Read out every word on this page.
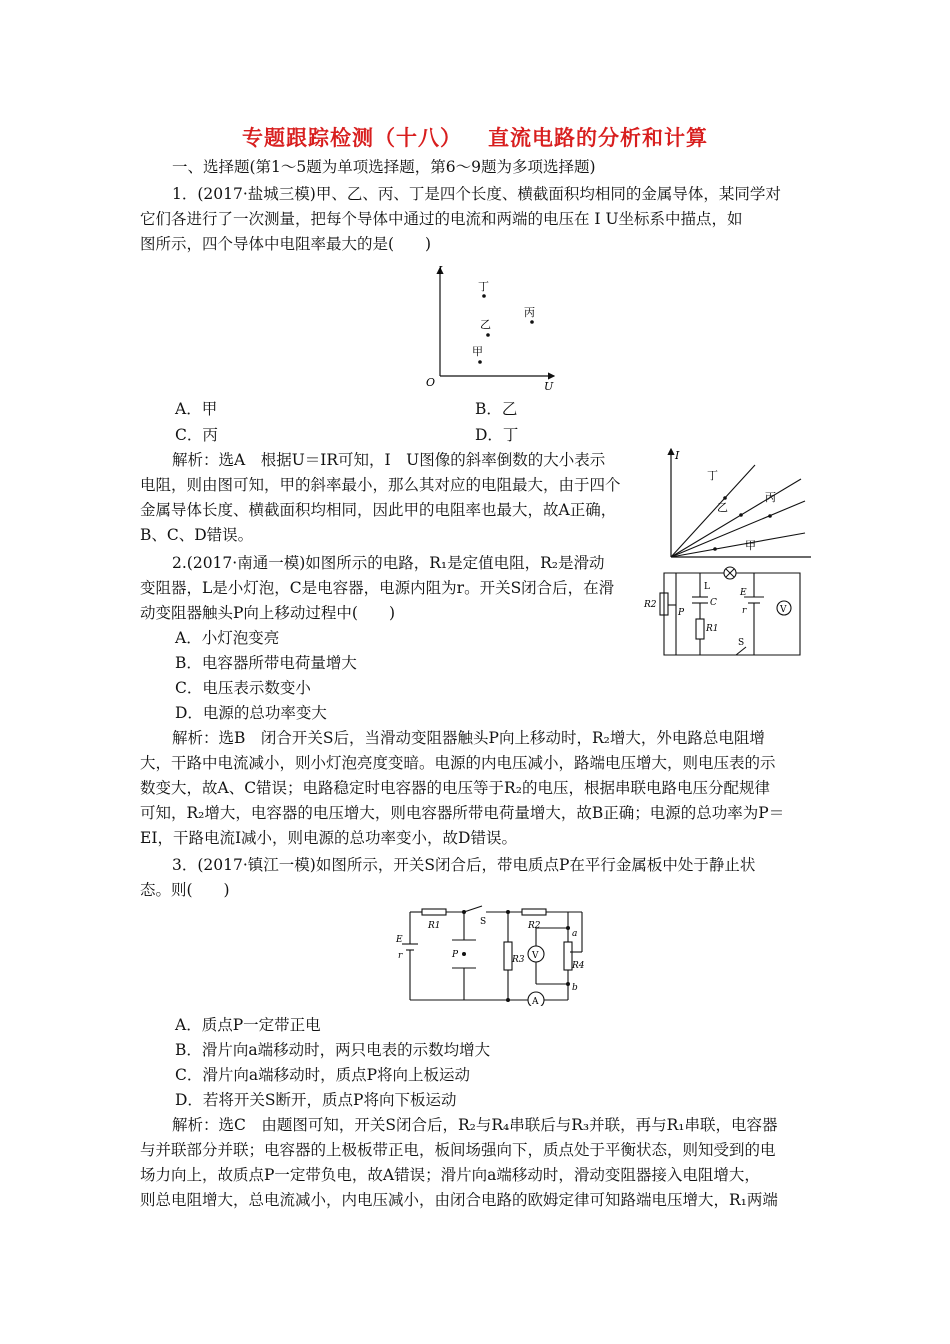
专题跟踪检测（十八） 直流电路的分析和计算
一、选择题(第1～5题为单项选择题，第6～9题为多项选择题)
1．(2017·盐城三模)甲、乙、丙、丁是四个长度、横截面积均相同的金属导体，某同学对
它们各进行了一次测量，把每个导体中通过的电流和两端的电压在 I U坐标系中描点，如
图所示，四个导体中电阻率最大的是(　　)
I
U
O
丁
乙
丙
甲
A．甲	B．乙
C．丙	D．丁
解析：选A　根据U＝IR可知，I　U图像的斜率倒数的大小表示
电阻，则由图可知，甲的斜率最小，那么其对应的电阻最大，由于四个
金属导体长度、横截面积均相同，因此甲的电阻率也最大，故A正确，
B、C、D错误。
I
丁
乙
丙
甲
2.(2017·南通一模)如图所示的电路，R₁是定值电阻，R₂是滑动
变阻器，L是小灯泡，C是电容器，电源内阻为r。开关S闭合后，在滑
动变阻器触头P向上移动过程中(　　)	V
R2
P
L
C
R1
E
r
S
A．小灯泡变亮
B．电容器所带电荷量增大
C．电压表示数变小
D．电源的总功率变大
解析：选B　闭合开关S后，当滑动变阻器触头P向上移动时，R₂增大，外电路总电阻增
大，干路中电流减小，则小灯泡亮度变暗。电源的内电压减小，路端电压增大，则电压表的示
数变大，故A、C错误；电路稳定时电容器的电压等于R₂的电压，根据串联电路电压分配规律
可知，R₂增大，电容器的电压增大，则电容器所带电荷量增大，故B正确；电源的总功率为P＝
EI，干路电流I减小，则电源的总功率变小，故D错误。
3．(2017·镇江一模)如图所示，开关S闭合后，带电质点P在平行金属板中处于静止状
态。则(　　)
R1	S	R2
a
E
r	P	R3 V
R4
b
A
A．质点P一定带正电
B．滑片向a端移动时，两只电表的示数均增大
C．滑片向a端移动时，质点P将向上板运动
D．若将开关S断开，质点P将向下板运动
解析：选C　由题图可知，开关S闭合后，R₂与R₄串联后与R₃并联，再与R₁串联，电容器
与并联部分并联；电容器的上极板带正电，板间场强向下，质点处于平衡状态，则知受到的电
场力向上，故质点P一定带负电，故A错误；滑片向a端移动时，滑动变阻器接入电阻增大，
则总电阻增大，总电流减小，内电压减小，由闭合电路的欧姆定律可知路端电压增大，R₁两端
